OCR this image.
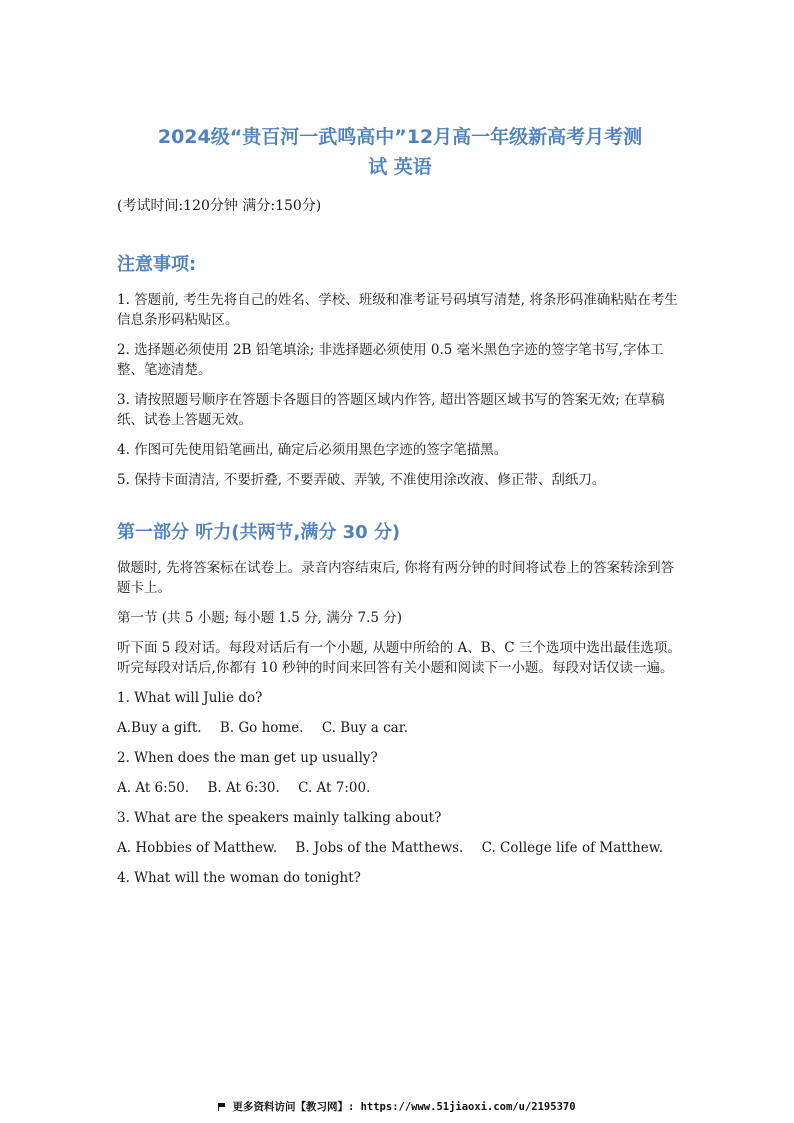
2024级“贵百河一武鸣高中”12月高一年级新高考月考测
试 英语

(考试时间:120分钟 满分:150分)

注意事项:

1. 答题前, 考生先将自己的姓名、学校、班级和准考证号码填写清楚, 将条形码准确粘贴在考生信息条形码粘贴区。

2. 选择题必须使用 2B 铅笔填涂; 非选择题必须使用 0.5 毫米黑色字迹的签字笔书写,字体工整、笔迹清楚。

3. 请按照题号顺序在答题卡各题目的答题区域内作答, 超出答题区域书写的答案无效; 在草稿纸、试卷上答题无效。

4. 作图可先使用铅笔画出, 确定后必须用黑色字迹的签字笔描黑。

5. 保持卡面清洁, 不要折叠, 不要弄破、弄皱, 不准使用涂改液、修正带、刮纸刀。

第一部分 听力(共两节,满分 30 分)

做题时, 先将答案标在试卷上。录音内容结束后, 你将有两分钟的时间将试卷上的答案转涂到答题卡上。

第一节 (共 5 小题; 每小题 1.5 分, 满分 7.5 分)

听下面 5 段对话。每段对话后有一个小题, 从题中所给的 A、B、C 三个选项中选出最佳选项。 听完每段对话后,你都有 10 秒钟的时间来回答有关小题和阅读下一小题。每段对话仅读一遍。

1. What will Julie do?

A.Buy a gift. B. Go home. C. Buy a car.

2. When does the man get up usually?

A. At 6:50. B. At 6:30. C. At 7:00.

3. What are the speakers mainly talking about?

A. Hobbies of Matthew. B. Jobs of the Matthews. C. College life of Matthew.

4. What will the woman do tonight?

更多资料访问【教习网】: https://www.51jiaoxi.com/u/2195370
